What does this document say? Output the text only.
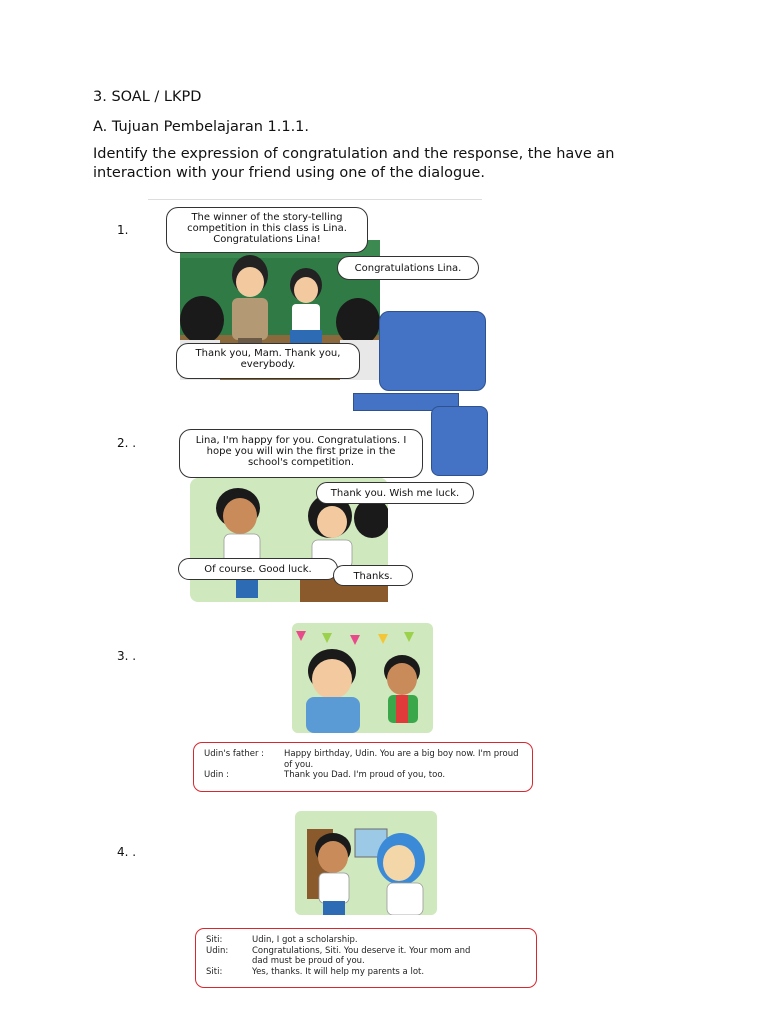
3. SOAL / LKPD
A. Tujuan Pembelajaran 1.1.1.
Identify the expression of congratulation and the response, the have an interaction with your friend using one of the dialogue.
1.
The winner of the story-telling competition in this class is Lina. Congratulations Lina!
Congratulations Lina.
Thank you, Mam. Thank you, everybody.
2. .	Lina, I'm happy for you. Congratulations. I hope you will win the first prize in the school's competition.
Thank you. Wish me luck.
Of course. Good luck.
Thanks.
3. .
Udin's father :	Happy birthday, Udin. You are a big boy now. I'm proud of you.
Udin :	Thank you Dad. I'm proud of you, too.
4. .
Siti:	Udin, I got a scholarship.
Udin:	Congratulations, Siti. You deserve it. Your mom and dad must be proud of you.
Siti:	Yes, thanks. It will help my parents a lot.
